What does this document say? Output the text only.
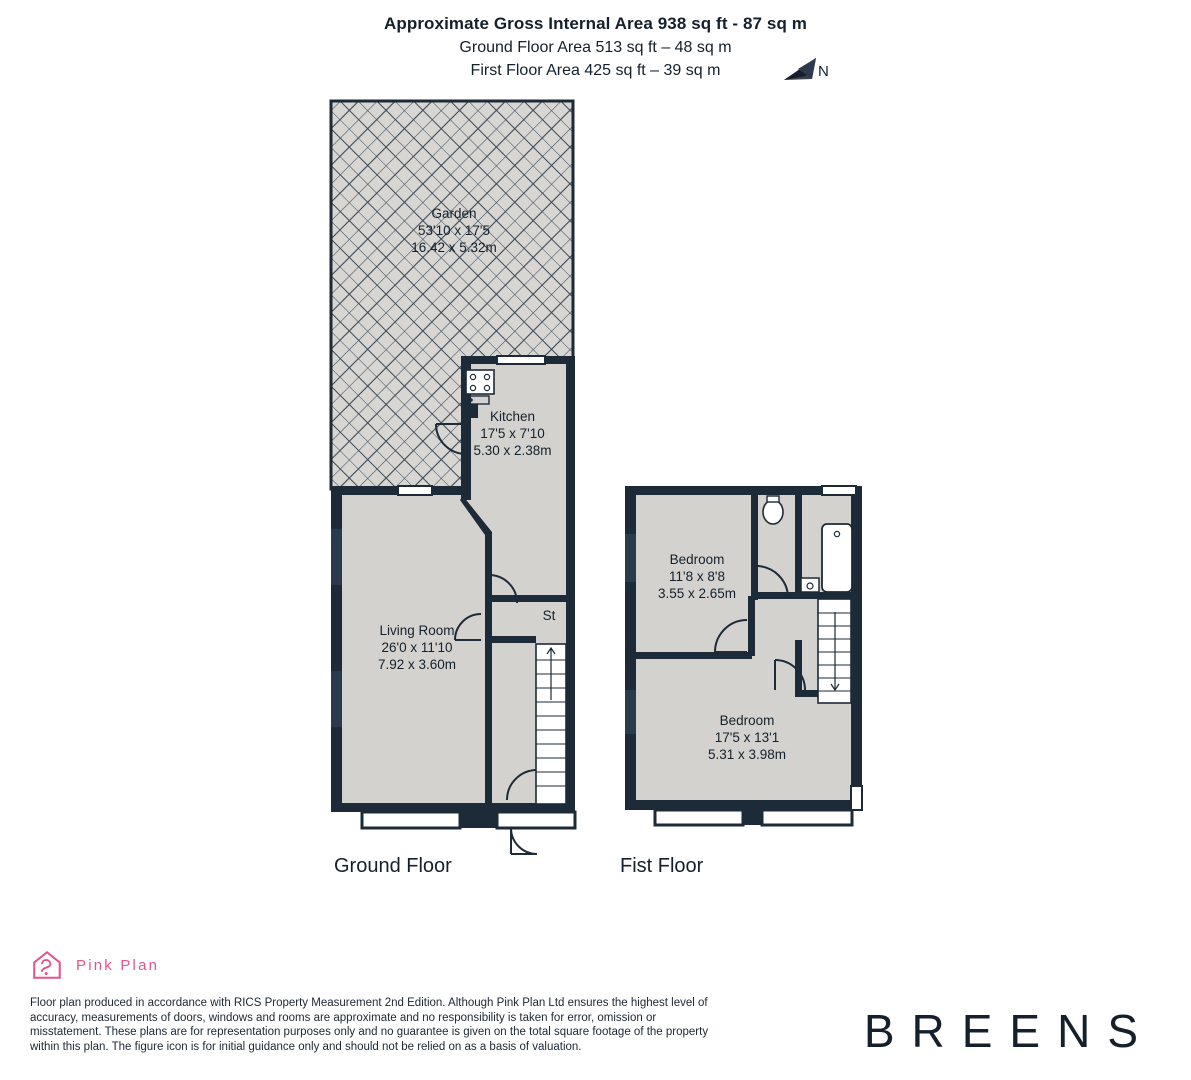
Approximate Gross Internal Area 938 sq ft - 87 sq m
Ground Floor Area 513 sq ft – 48 sq m
First Floor Area 425 sq ft – 39 sq m	N
Garden
53'10 x 17'5
16.42 x 5.32m
Kitchen
17'5 x 7'10
5.30 x 2.38m
Living Room
26'0 x 11'10
7.92 x 3.60m
St
Bedroom
11'8 x 8'8
3.55 x 2.65m
Bedroom
17'5 x 13'1
5.31 x 3.98m
Ground Floor	Fist Floor
Pink Plan
Floor plan produced in accordance with RICS Property Measurement 2nd Edition. Although Pink Plan Ltd ensures the highest level of accuracy, measurements of doors, windows and rooms are approximate and no responsibility is taken for error, omission or misstatement. These plans are for representation purposes only and no guarantee is given on the total square footage of the property within this plan. The figure icon is for initial guidance only and should not be relied on as a basis of valuation.	BREENS
